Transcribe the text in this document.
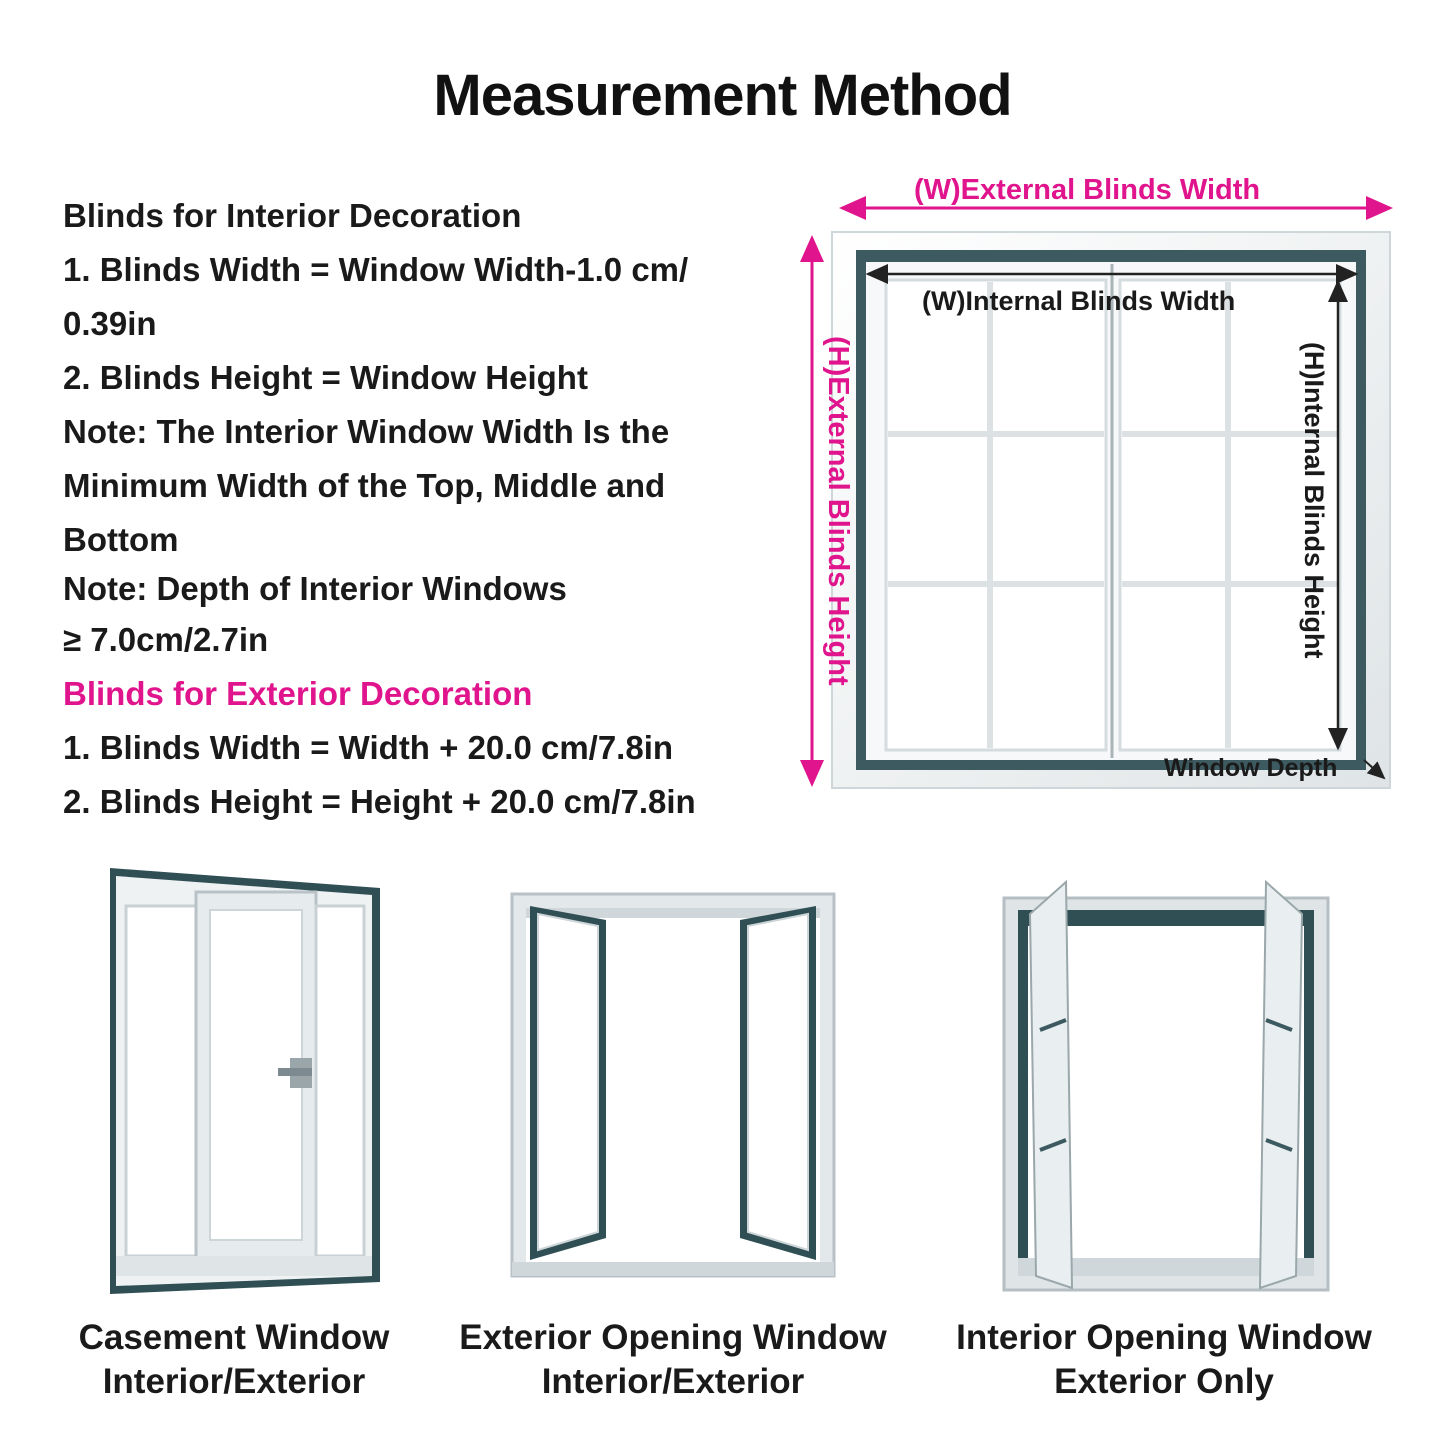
Measurement Method
Blinds for Interior Decoration
1. Blinds Width = Window Width-1.0 cm/
0.39in
2. Blinds Height = Window Height
Note: The Interior Window Width Is the
Minimum Width of the Top, Middle and
Bottom
Note: Depth of Interior Windows
≥ 7.0cm/2.7in
Blinds for Exterior Decoration
1. Blinds Width = Width + 20.0 cm/7.8in
2. Blinds Height = Height + 20.0 cm/7.8in
(W)External Blinds Width
(W)Internal Blinds Width
(H)External Blinds Height	(H)Internal Blinds Height
Window Depth
Casement Window
Interior/Exterior
Exterior Opening Window
Interior/Exterior
Interior Opening Window
Exterior Only
